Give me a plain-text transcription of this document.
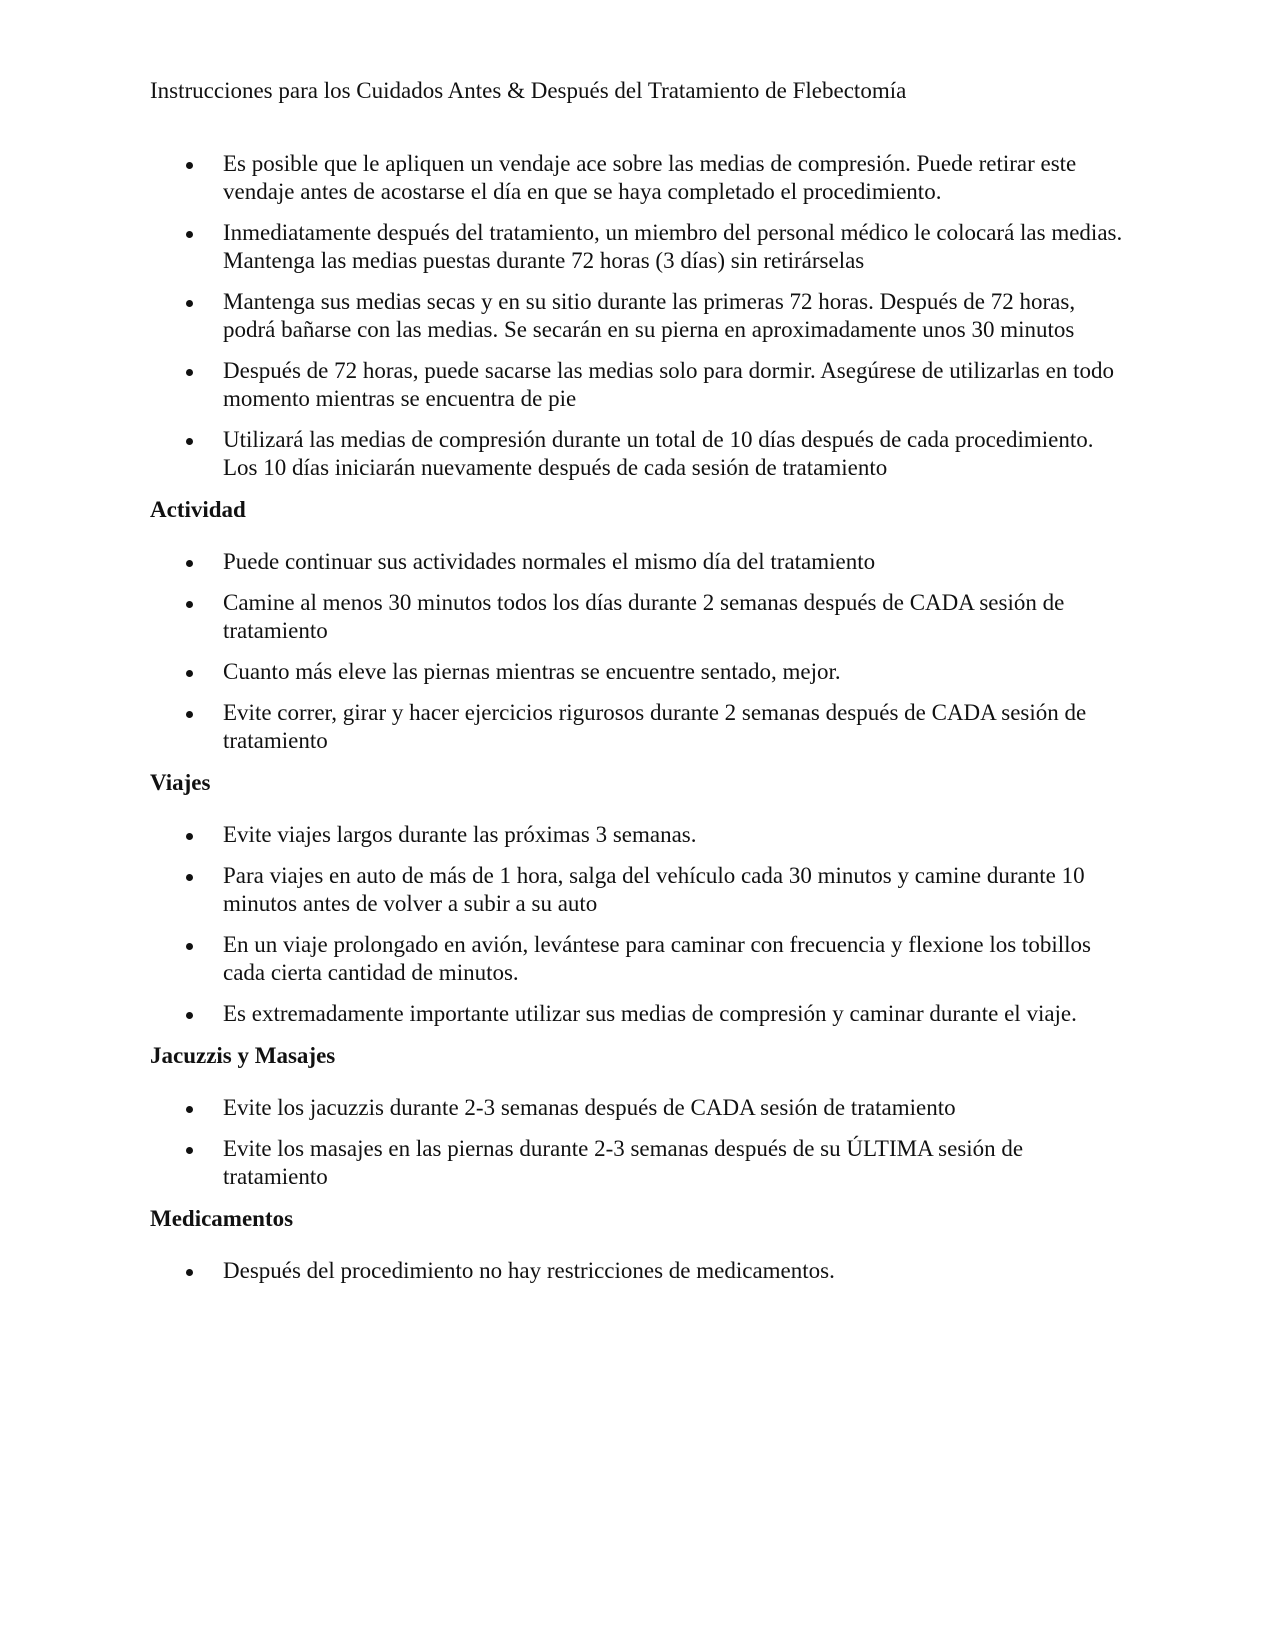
Instrucciones para los Cuidados Antes & Después del Tratamiento de Flebectomía
Es posible que le apliquen un vendaje ace sobre las medias de compresión. Puede retirar este vendaje antes de acostarse el día en que se haya completado el procedimiento.
Inmediatamente después del tratamiento, un miembro del personal médico le colocará las medias. Mantenga las medias puestas durante 72 horas (3 días) sin retirárselas
Mantenga sus medias secas y en su sitio durante las primeras 72 horas. Después de 72 horas, podrá bañarse con las medias. Se secarán en su pierna en aproximadamente unos 30 minutos
Después de 72 horas, puede sacarse las medias solo para dormir. Asegúrese de utilizarlas en todo momento mientras se encuentra de pie
Utilizará las medias de compresión durante un total de 10 días después de cada procedimiento. Los 10 días iniciarán nuevamente después de cada sesión de tratamiento
Actividad
Puede continuar sus actividades normales el mismo día del tratamiento
Camine al menos 30 minutos todos los días durante 2 semanas después de CADA sesión de tratamiento
Cuanto más eleve las piernas mientras se encuentre sentado, mejor.
Evite correr, girar y hacer ejercicios rigurosos durante 2 semanas después de CADA sesión de tratamiento
Viajes
Evite viajes largos durante las próximas 3 semanas.
Para viajes en auto de más de 1 hora, salga del vehículo cada 30 minutos y camine durante 10 minutos antes de volver a subir a su auto
En un viaje prolongado en avión, levántese para caminar con frecuencia y flexione los tobillos cada cierta cantidad de minutos.
Es extremadamente importante utilizar sus medias de compresión y caminar durante el viaje.
Jacuzzis y Masajes
Evite los jacuzzis durante 2-3 semanas después de CADA sesión de tratamiento
Evite los masajes en las piernas durante 2-3 semanas después de su ÚLTIMA sesión de tratamiento
Medicamentos
Después del procedimiento no hay restricciones de medicamentos.
